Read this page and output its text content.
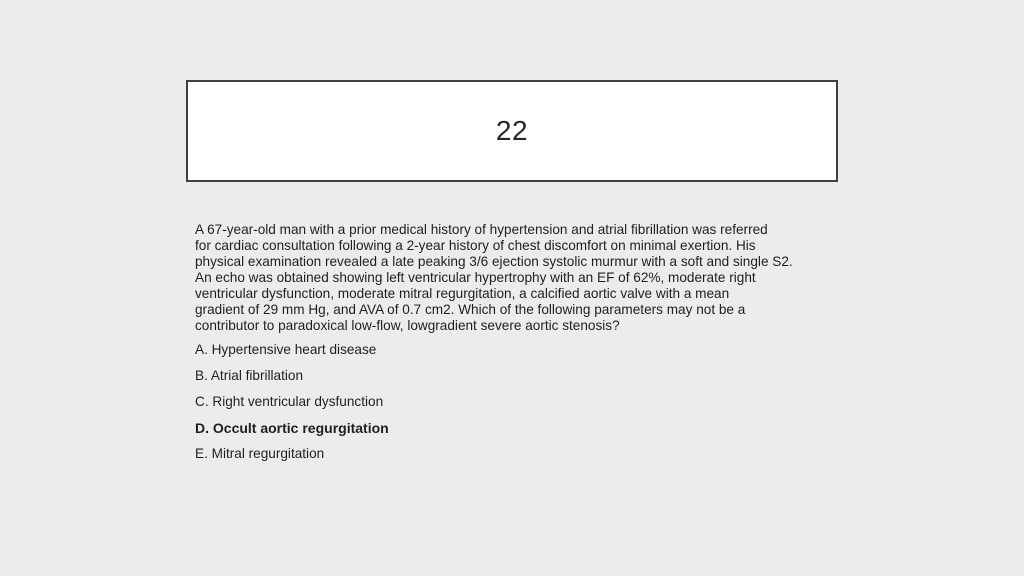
22

A 67-year-old man with a prior medical history of hypertension and atrial fibrillation was referred
for cardiac consultation following a 2-year history of chest discomfort on minimal exertion. His
physical examination revealed a late peaking 3/6 ejection systolic murmur with a soft and single S2.
An echo was obtained showing left ventricular hypertrophy with an EF of 62%, moderate right
ventricular dysfunction, moderate mitral regurgitation, a calcified aortic valve with a mean
gradient of 29 mm Hg, and AVA of 0.7 cm2. Which of the following parameters may not be a
contributor to paradoxical low-flow, lowgradient severe aortic stenosis?

A. Hypertensive heart disease
B. Atrial fibrillation
C. Right ventricular dysfunction
D. Occult aortic regurgitation
E. Mitral regurgitation
